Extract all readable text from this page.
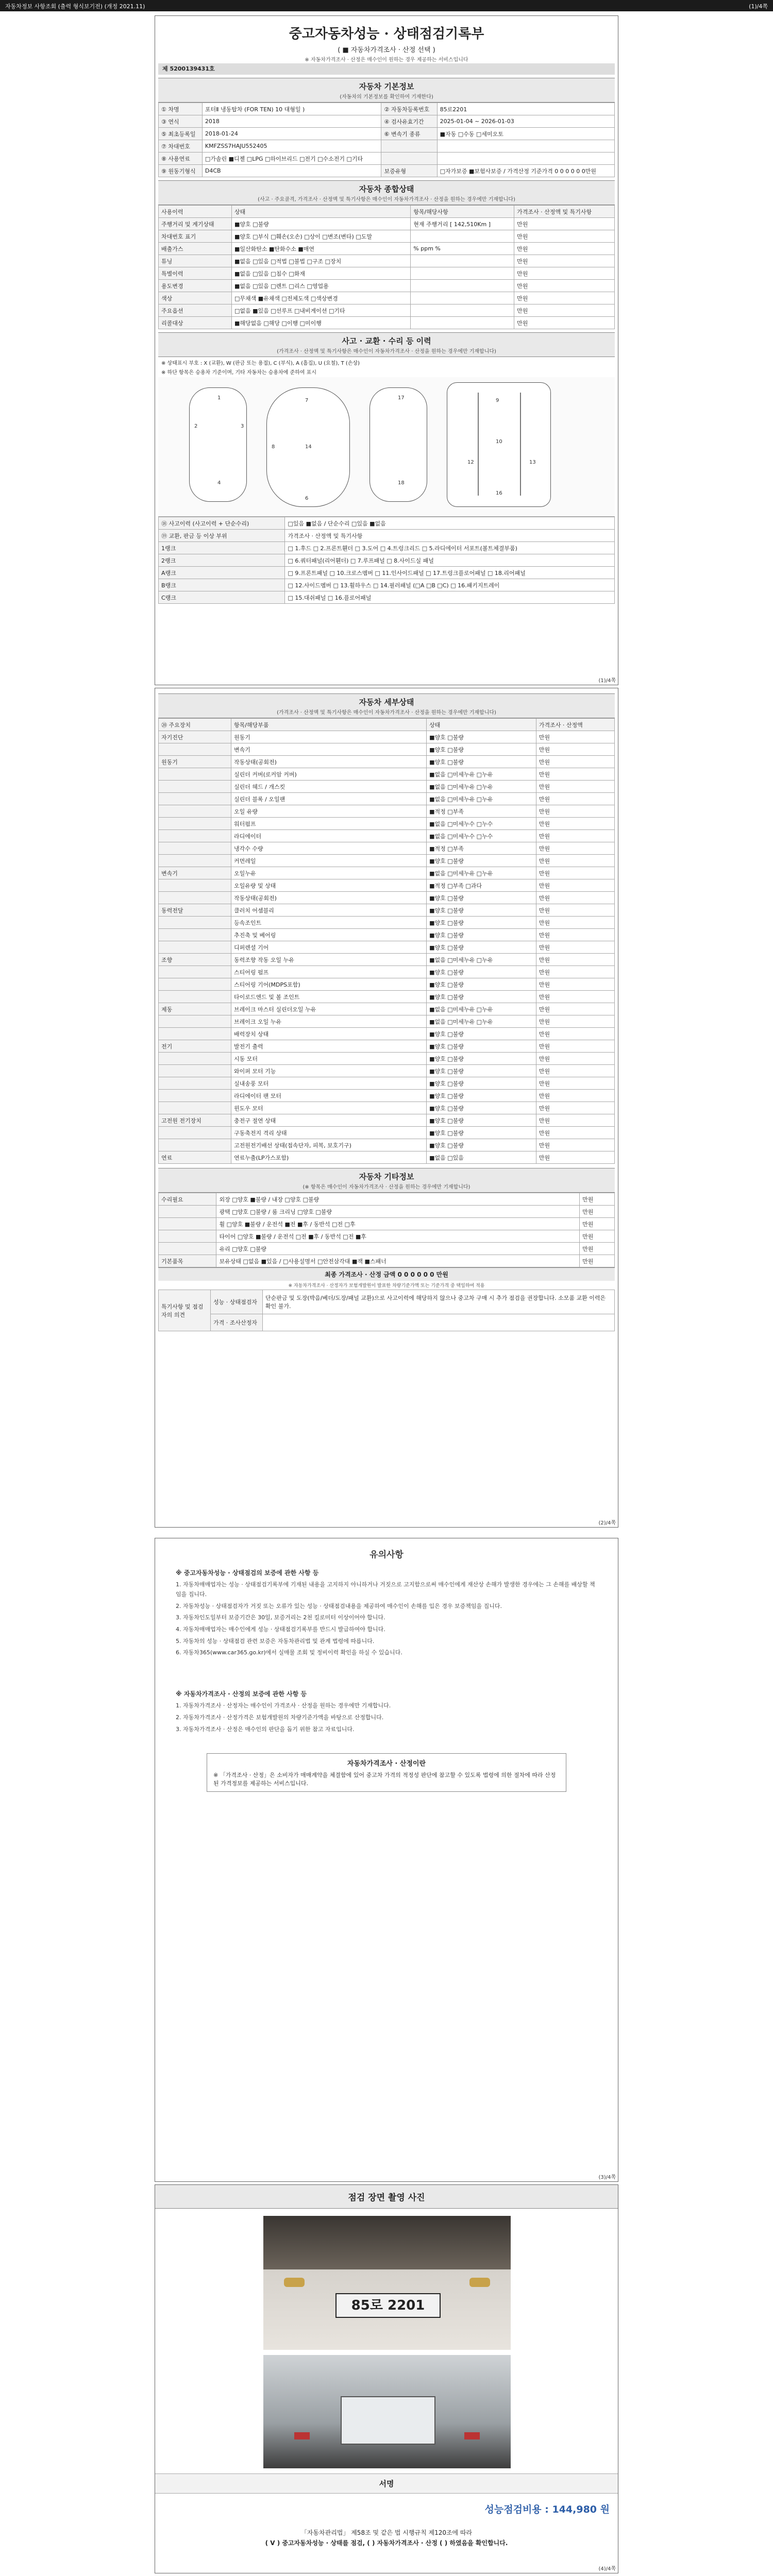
자동차정보 사항조회 (출력 형식보기전) (개정 2021.11)	(1)/4쪽
중고자동차성능 · 상태점검기록부
( ■ 자동차가격조사 · 산정 선택 )
※ 자동차가격조사 · 산정은 매수인이 원하는 경우 제공하는 서비스입니다
제 5200139431호
자동차 기본정보
(자동차의 기본정보를 확인하여 기재한다)
① 차명	포터Ⅱ 냉동탑차 (FOR TEN) 10 대형일 )	② 자동차등록번호	85로2201
③ 연식	2018	④ 검사유효기간	2025-01-04 ~ 2026-01-03
⑤ 최초등록일	2018-01-24	⑥ 변속기 종류	■자동 □수동 □세미오토
⑦ 차대번호	KMFZSS7HAJU552405		
⑧ 사용연료	□가솔린 ■디젤 □LPG □하이브리드 □전기 □수소전기 □기타		
⑨ 원동기형식	D4CB	보증유형	□자가보증 ■보험사보증 / 가격산정 기준가격 0 0 0 0 0 0만원
자동차 종합상태
(사고 · 주요골격, 가격조사 · 산정액 및 특기사항은 매수인이 자동차가격조사 · 산정을 원하는 경우에만 기재합니다)
사용이력	상태	항목/해당사항	가격조사 · 산정액 및 특기사항
주행거리 및 계기상태	■양호 □불량	현재 주행거리 [ 142,510Km ]	만원
차대번호 표기	■양호 □부식 □훼손(오손) □상이 □변조(변타) □도말		만원
배출가스	■일산화탄소 ■탄화수소 ■매연	% ppm %	만원
튜닝	■없음 □있음 □적법 □불법 □구조 □장치		만원
특별이력	■없음 □있음 □침수 □화재		만원
용도변경	■없음 □있음 □렌트 □리스 □영업용		만원
색상	□무채색 ■유채색 □전체도색 □색상변경		만원
주요옵션	□없음 ■있음 □선루프 □내비게이션 □기타		만원
리콜대상	■해당없음 □해당 □이행 □미이행		만원
사고 · 교환 · 수리 등 이력
(가격조사 · 산정액 및 특기사항은 매수인이 자동차가격조사 · 산정을 원하는 경우에만 기재합니다)
※ 상태표시 부호 : X (교환), W (판금 또는 용접), C (부식), A (흠집), U (요철), T (손상)
※ 하단 항목은 승용차 기준이며, 기타 자동차는 승용차에 준하여 표시
1
2	3
4
7
8	14
6
17
18
9
10
12	13
16
⑱ 사고이력 (사고이력 + 단순수리)	□있음 ■없음 / 단순수리 □있음 ■없음
⑲ 교환, 판금 등 이상 부위	가격조사 · 산정액 및 특기사항
1랭크	□ 1.후드 □ 2.프론트휀더 □ 3.도어 □ 4.트렁크리드 □ 5.라디에이터 서포트(볼트체결부품)
2랭크	□ 6.쿼터패널(리어휀더) □ 7.루프패널 □ 8.사이드실 패널
A랭크	□ 9.프론트패널 □ 10.크로스멤버 □ 11.인사이드패널 □ 17.트렁크플로어패널 □ 18.리어패널
B랭크	□ 12.사이드멤버 □ 13.휠하우스 □ 14.필러패널 (□A □B □C) □ 16.패키지트레이
C랭크	□ 15.대쉬패널 □ 16.플로어패널
(1)/4쪽
자동차 세부상태
(가격조사 · 산정액 및 특기사항은 매수인이 자동차가격조사 · 산정을 원하는 경우에만 기재합니다)
⑳ 주요장치	항목/해당부품	상태	가격조사 · 산정액
자기진단	원동기	■양호 □불량	만원
	변속기	■양호 □불량	만원
원동기	작동상태(공회전)	■양호 □불량	만원
	실린더 커버(로커암 커버)	■없음 □미세누유 □누유	만원
	실린더 헤드 / 개스킷	■없음 □미세누유 □누유	만원
	실린더 블록 / 오일팬	■없음 □미세누유 □누유	만원
	오일 유량	■적정 □부족	만원
	워터펌프	■없음 □미세누수 □누수	만원
	라디에이터	■없음 □미세누수 □누수	만원
	냉각수 수량	■적정 □부족	만원
	커먼레일	■양호 □불량	만원
변속기	오일누유	■없음 □미세누유 □누유	만원
	오일유량 및 상태	■적정 □부족 □과다	만원
	작동상태(공회전)	■양호 □불량	만원
동력전달	클러치 어셈블리	■양호 □불량	만원
	등속조인트	■양호 □불량	만원
	추진축 및 베어링	■양호 □불량	만원
	디퍼렌셜 기어	■양호 □불량	만원
조향	동력조향 작동 오일 누유	■없음 □미세누유 □누유	만원
	스티어링 펌프	■양호 □불량	만원
	스티어링 기어(MDPS포함)	■양호 □불량	만원
	타이로드엔드 및 볼 조인트	■양호 □불량	만원
제동	브레이크 마스터 실린더오일 누유	■없음 □미세누유 □누유	만원
	브레이크 오일 누유	■없음 □미세누유 □누유	만원
	배력장치 상태	■양호 □불량	만원
전기	발전기 출력	■양호 □불량	만원
	시동 모터	■양호 □불량	만원
	와이퍼 모터 기능	■양호 □불량	만원
	실내송풍 모터	■양호 □불량	만원
	라디에이터 팬 모터	■양호 □불량	만원
	윈도우 모터	■양호 □불량	만원
고전원 전기장치	충전구 절연 상태	■양호 □불량	만원
	구동축전지 격리 상태	■양호 □불량	만원
	고전원전기배선 상태(접속단자, 피복, 보호기구)	■양호 □불량	만원
연료	연료누출(LP가스포함)	■없음 □있음	만원
자동차 기타정보
(※ 항목은 매수인이 자동차가격조사 · 산정을 원하는 경우에만 기재합니다)
수리필요	외장 □양호 ■불량 / 내장 □양호 □불량	만원
	광택 □양호 □불량 / 룸 크리닝 □양호 □불량	만원
	휠 □양호 ■불량 / 운전석 ■전 ■후 / 동반석 □전 □후	만원
	타이어 □양호 ■불량 / 운전석 □전 ■후 / 동반석 □전 ■후	만원
	유리 □양호 □불량	만원
기본품목	보유상태 □없음 ■있음 / □사용설명서 □안전삼각대 ■잭 ■스패너	만원
최종 가격조사 · 산정 금액 0 0 0 0 0 0 만원
※ 자동차가격조사 · 산정자가 보험개발원이 발표한 차량기준가액 또는 기준가격 중 택일하여 적용
특기사항 및 점검자의 의견	성능 · 상태점검자	단순판금 및 도장(박음/베더/도장/패널 교환)으로 사고이력에 해당하지 않으나 중고차 구매 시 추가 점검을 권장합니다. 소모품 교환 이력은 확인 불가.
	가격 · 조사산정자	
(2)/4쪽
유의사항
※ 중고자동차성능 · 상태점검의 보증에 관한 사항 등

1. 자동차매매업자는 성능 · 상태점검기록부에 기재된 내용을 고지하지 아니하거나 거짓으로 고지함으로써 매수인에게 재산상 손해가 발생한 경우에는 그 손해를 배상할 책임을 집니다.

2. 자동차성능 · 상태점검자가 거짓 또는 오류가 있는 성능 · 상태점검내용을 제공하여 매수인이 손해를 입은 경우 보증책임을 집니다.

3. 자동차인도일부터 보증기간은 30일, 보증거리는 2천 킬로미터 이상이어야 합니다.

4. 자동차매매업자는 매수인에게 성능 · 상태점검기록부를 반드시 발급하여야 합니다.

5. 자동차의 성능 · 상태점검 관련 보증은 자동차관리법 및 관계 법령에 따릅니다.

6. 자동차365(www.car365.go.kr)에서 실매물 조회 및 정비이력 확인을 하실 수 있습니다.

※ 자동차가격조사 · 산정의 보증에 관한 사항 등

1. 자동차가격조사 · 산정자는 매수인이 가격조사 · 산정을 원하는 경우에만 기재합니다.

2. 자동차가격조사 · 산정가격은 보험개발원의 차량기준가액을 바탕으로 산정합니다.

3. 자동차가격조사 · 산정은 매수인의 판단을 돕기 위한 참고 자료입니다.

자동차가격조사 · 산정이란
※ 「가격조사 · 산정」은 소비자가 매매계약을 체결함에 있어 중고차 가격의 적정성 판단에 참고할 수 있도록 법령에 의한 절차에 따라 산정된 가격정보를 제공하는 서비스입니다.
(3)/4쪽
점검 장면 촬영 사진
85로 2201
서명
성능점검비용 : 144,980 원
「자동차관리법」 제58조 및 같은 법 시행규칙 제120조에 따라
( V ) 중고자동차성능 · 상태를 점검, ( ) 자동차가격조사 · 산정 ( ) 하였음을 확인합니다.
(4)/4쪽
